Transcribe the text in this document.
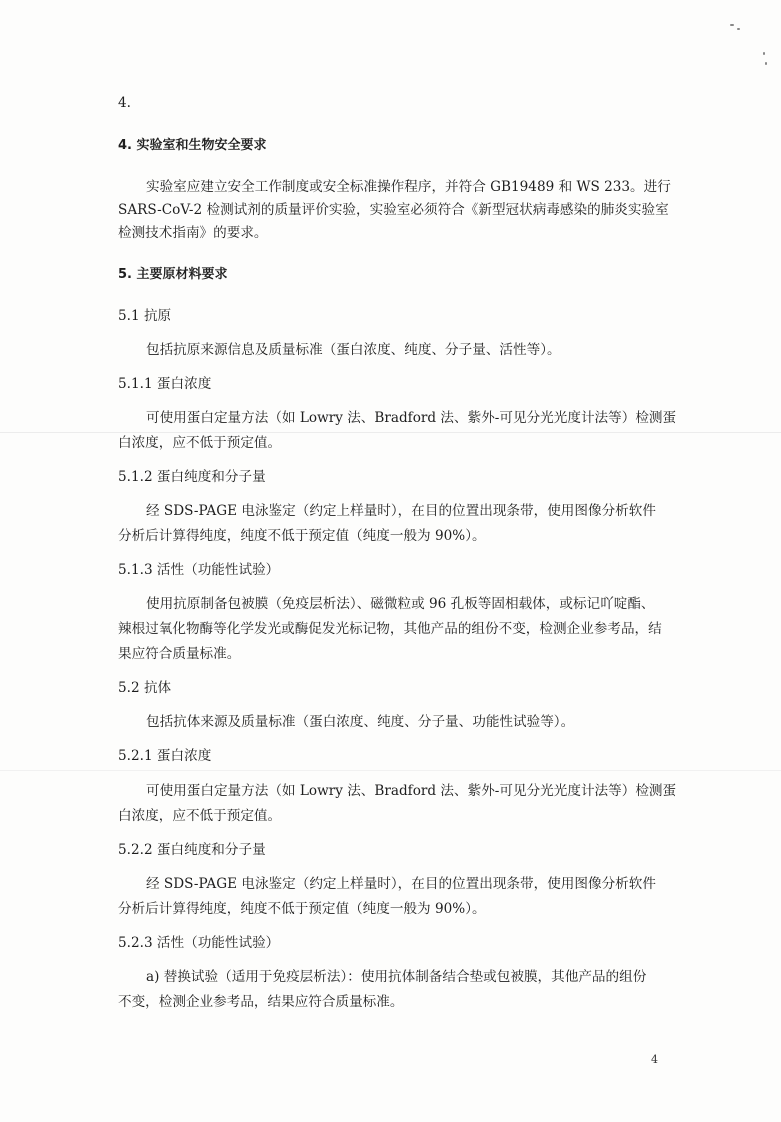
4.
4. 实验室和生物安全要求
实验室应建立安全工作制度或安全标准操作程序，并符合 GB19489 和 WS 233。进行
SARS-CoV-2 检测试剂的质量评价实验，实验室必须符合《新型冠状病毒感染的肺炎实验室
检测技术指南》的要求。
5. 主要原材料要求
5.1 抗原
包括抗原来源信息及质量标准（蛋白浓度、纯度、分子量、活性等）。
5.1.1 蛋白浓度
可使用蛋白定量方法（如 Lowry 法、Bradford 法、紫外-可见分光光度计法等）检测蛋
白浓度，应不低于预定值。
5.1.2 蛋白纯度和分子量
经 SDS-PAGE 电泳鉴定（约定上样量时），在目的位置出现条带，使用图像分析软件
分析后计算得纯度，纯度不低于预定值（纯度一般为 90%）。
5.1.3 活性（功能性试验）
使用抗原制备包被膜（免疫层析法）、磁微粒或 96 孔板等固相载体，或标记吖啶酯、
辣根过氧化物酶等化学发光或酶促发光标记物，其他产品的组份不变，检测企业参考品，结
果应符合质量标准。
5.2 抗体
包括抗体来源及质量标准（蛋白浓度、纯度、分子量、功能性试验等）。
5.2.1 蛋白浓度
可使用蛋白定量方法（如 Lowry 法、Bradford 法、紫外-可见分光光度计法等）检测蛋
白浓度，应不低于预定值。
5.2.2 蛋白纯度和分子量
经 SDS-PAGE 电泳鉴定（约定上样量时），在目的位置出现条带，使用图像分析软件
分析后计算得纯度，纯度不低于预定值（纯度一般为 90%）。
5.2.3 活性（功能性试验）
a) 替换试验（适用于免疫层析法）：使用抗体制备结合垫或包被膜，其他产品的组份
不变，检测企业参考品，结果应符合质量标准。
4
